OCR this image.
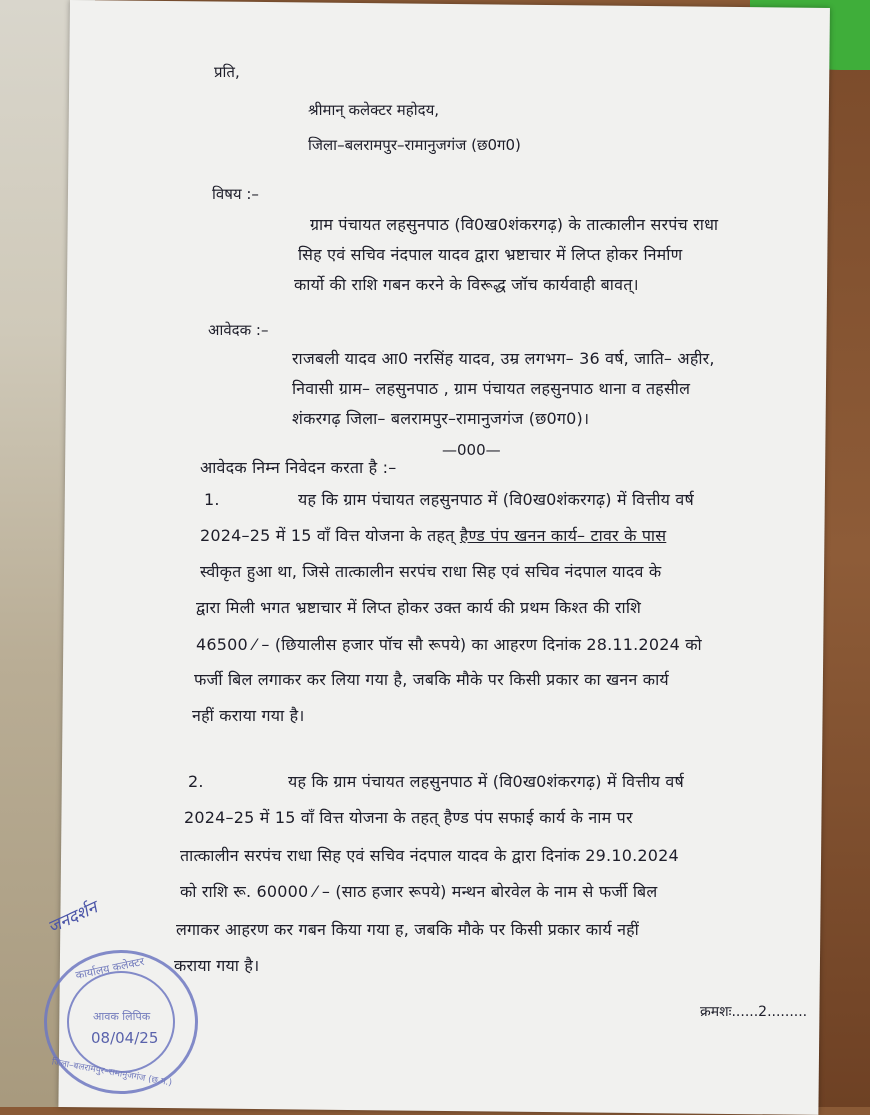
प्रति,
श्रीमान् कलेक्टर महोदय,
जिला–बलरामपुर–रामानुजगंज (छ0ग0)
विषय :–
ग्राम पंचायत लहसुनपाठ (वि0ख0शंकरगढ़) के तात्कालीन सरपंच राधा
सिह एवं सचिव नंदपाल यादव द्वारा भ्रष्टाचार में लिप्त होकर निर्माण
कार्यो की राशि गबन करने के विरूद्ध जॉच कार्यवाही बावत्।
आवेदक :–
राजबली यादव आ0 नरसिंह यादव, उम्र लगभग– 36 वर्ष, जाति– अहीर,
निवासी ग्राम– लहसुनपाठ , ग्राम पंचायत लहसुनपाठ थाना व तहसील
शंकरगढ़ जिला– बलरामपुर–रामानुजगंज (छ0ग0)।
—000—
आवेदक निम्न निवेदन करता है :–
1.	यह कि ग्राम पंचायत लहसुनपाठ में (वि0ख0शंकरगढ़) में वित्तीय वर्ष
2024–25 में 15 वॉं वित्त योजना के तहत् हैण्ड पंप खनन कार्य– टावर के पास
स्वीकृत हुआ था, जिसे तात्कालीन सरपंच राधा सिह एवं सचिव नंदपाल यादव के
द्वारा मिली भगत भ्रष्टाचार में लिप्त होकर उक्त कार्य की प्रथम किश्त की राशि
46500 ⁄ – (छियालीस हजार पॉच सौ रूपये) का आहरण दिनांक 28.11.2024 को
फर्जी बिल लगाकर कर लिया गया है, जबकि मौके पर किसी प्रकार का खनन कार्य
नहीं कराया गया है।
2.	यह कि ग्राम पंचायत लहसुनपाठ में (वि0ख0शंकरगढ़) में वित्तीय वर्ष
2024–25 में 15 वॉं वित्त योजना के तहत् हैण्ड पंप सफाई कार्य के नाम पर
तात्कालीन सरपंच राधा सिह एवं सचिव नंदपाल यादव के द्वारा दिनांक 29.10.2024
को राशि रू. 60000 ⁄ – (साठ हजार रूपये) मन्थन बोरवेल के नाम से फर्जी बिल
लगाकर आहरण कर गबन किया गया ह, जबकि मौके पर किसी प्रकार कार्य नहीं
कराया गया है।
क्रमशः......2.........
जनदर्शन
कार्यालय कलेक्टर
आवक लिपिक
08/04/25
जिला–बलरामपुर–रामानुजगंज (छ.ग.)
